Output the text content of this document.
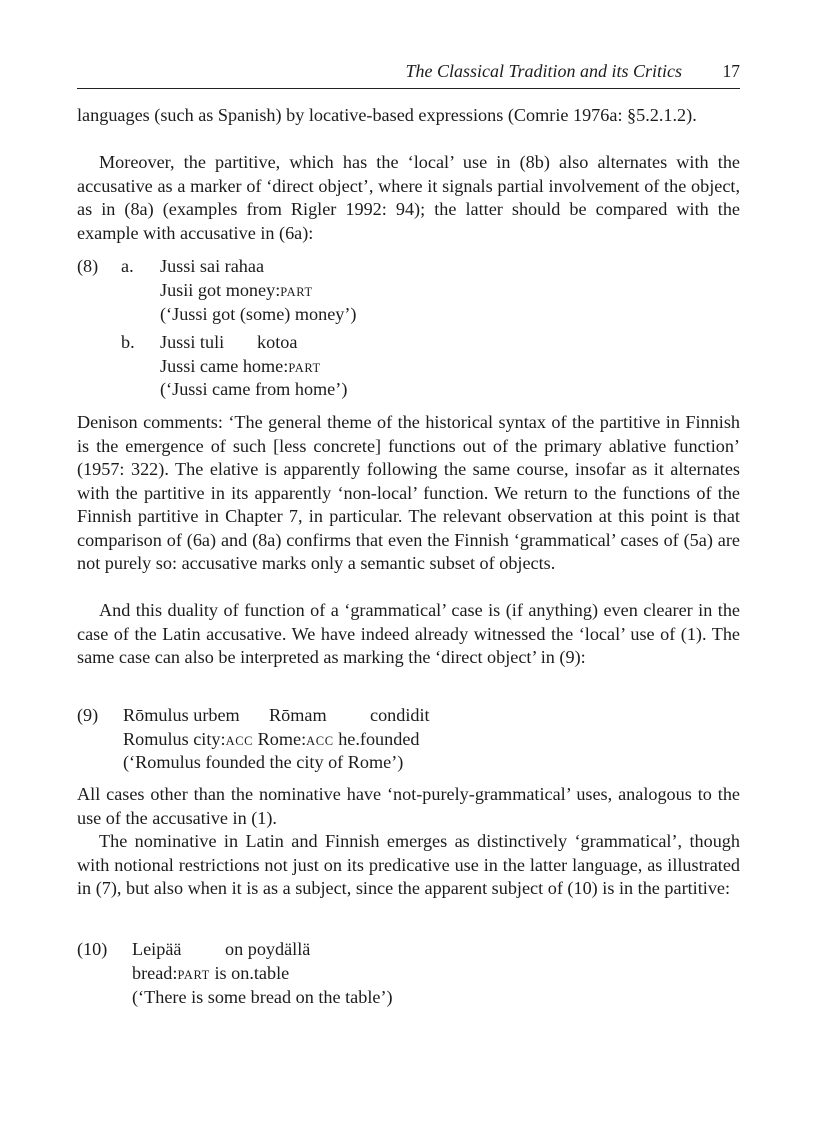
The Classical Tradition and its Critics 17

languages (such as Spanish) by locative-based expressions (Comrie 1976a: §5.2.1.2).

Moreover, the partitive, which has the ‘local’ use in (8b) also alternates with the accusative as a marker of ‘direct object’, where it signals partial involvement of the object, as in (8a) (examples from Rigler 1992: 94); the latter should be compared with the example with accusative in (6a):

(8) a. Jussi sai rahaa
Jusii got money:PART
(‘Jussi got (some) money’)
b. Jussi tuli kotoa
Jussi came home:PART
(‘Jussi came from home’)

Denison comments: ‘The general theme of the historical syntax of the partitive in Finnish is the emergence of such [less concrete] functions out of the primary ablative function’ (1957: 322). The elative is apparently following the same course, insofar as it alternates with the partitive in its apparently ‘non-local’ function. We return to the functions of the Finnish partitive in Chapter 7, in particular. The relevant observation at this point is that comparison of (6a) and (8a) confirms that even the Finnish ‘grammatical’ cases of (5a) are not purely so: accusative marks only a semantic subset of objects.

And this duality of function of a ‘grammatical’ case is (if anything) even clearer in the case of the Latin accusative. We have indeed already witnessed the ‘local’ use of (1). The same case can also be interpreted as marking the ‘direct object’ in (9):

(9) Rōmulus urbem Rōmam condidit
Romulus city:ACC Rome:ACC he.founded
(‘Romulus founded the city of Rome’)

All cases other than the nominative have ‘not-purely-grammatical’ uses, analogous to the use of the accusative in (1).

The nominative in Latin and Finnish emerges as distinctively ‘grammatical’, though with notional restrictions not just on its predicative use in the latter language, as illustrated in (7), but also when it is as a subject, since the apparent subject of (10) is in the partitive:

(10) Leipää on poydällä
bread:PART is on.table
(‘There is some bread on the table’)
